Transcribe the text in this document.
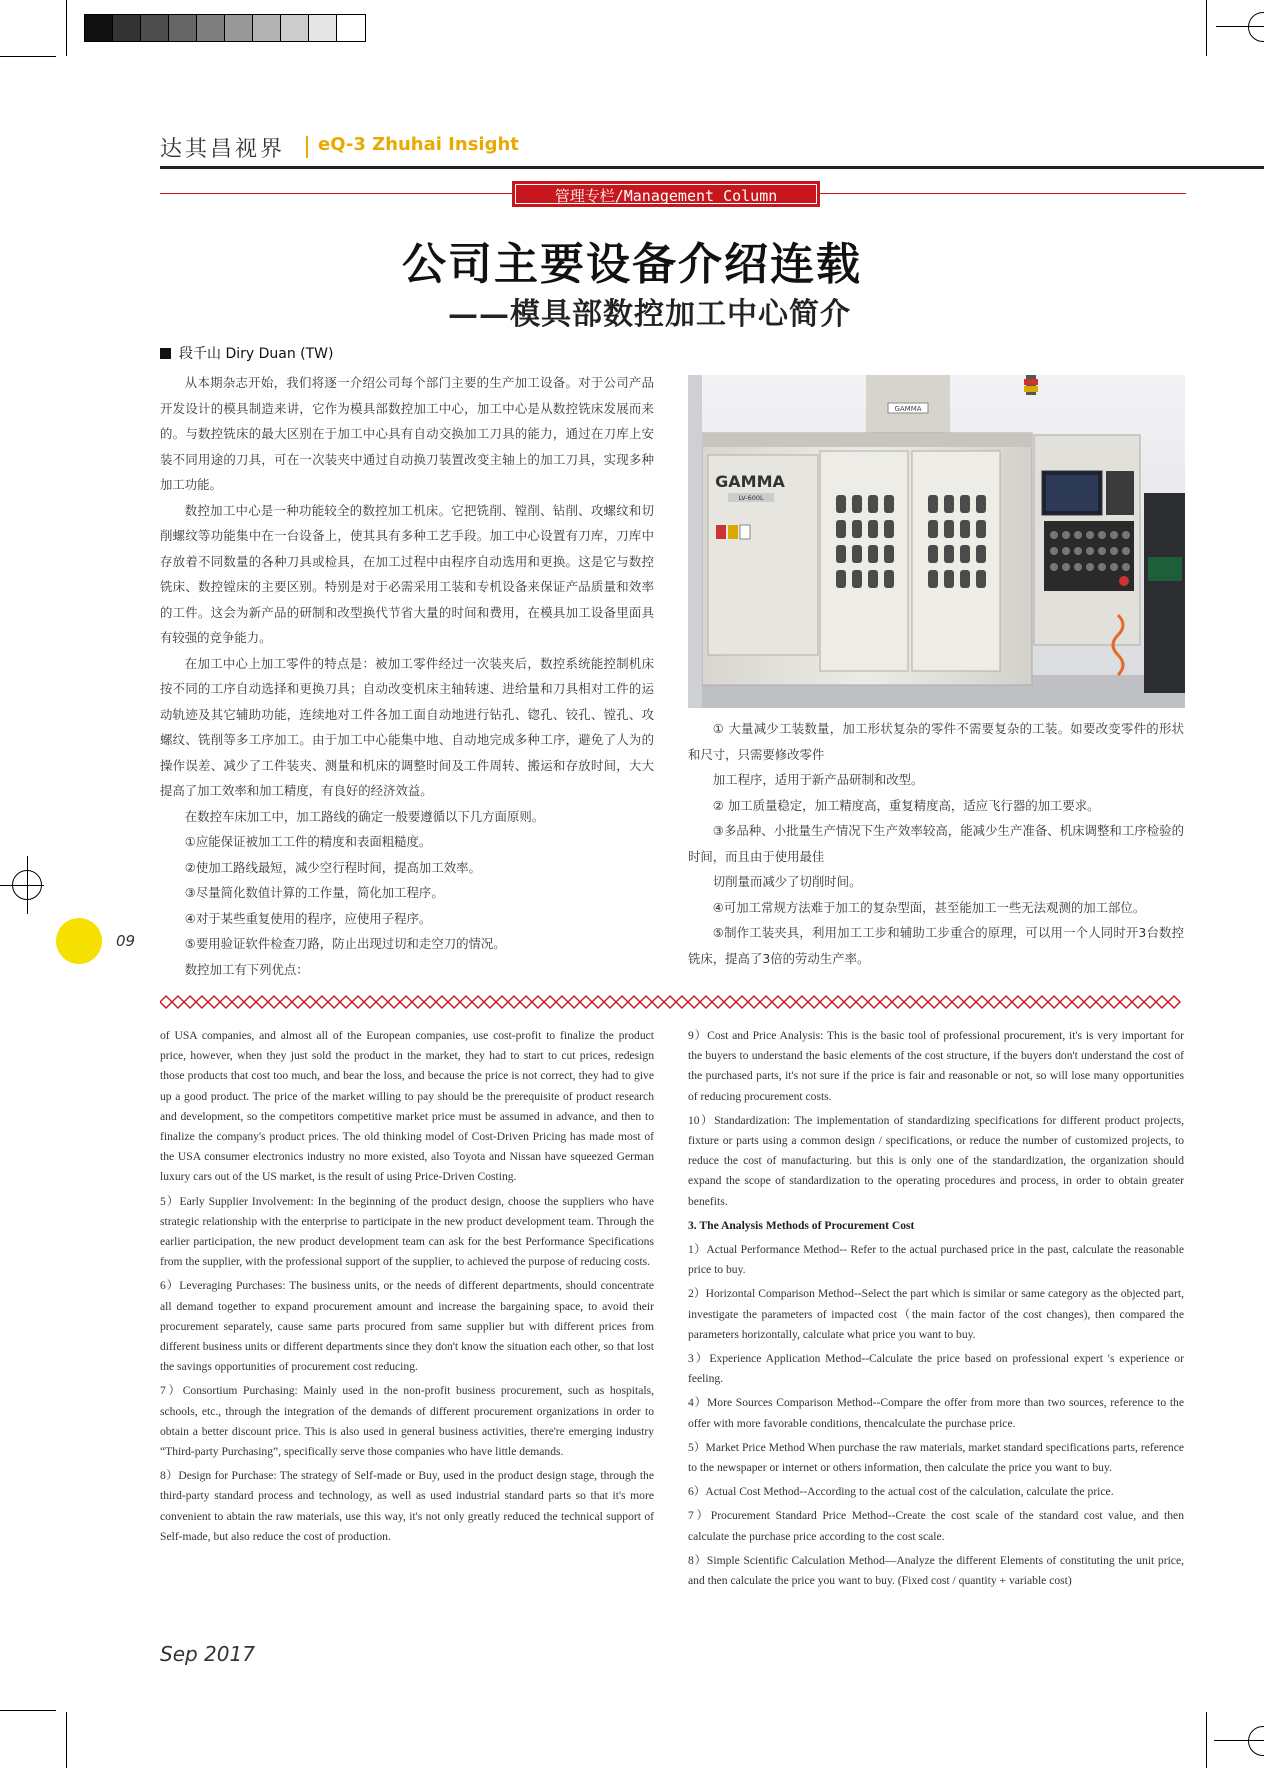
达其昌视界 eQ-3 Zhuhai Insight
管理专栏/Management Column
公司主要设备介绍连载
——模具部数控加工中心简介
段千山 Diry Duan (TW)

从本期杂志开始，我们将逐一介绍公司每个部门主要的生产加工设备。对于公司产品开发设计的模具制造来讲，它作为模具部数控加工中心，加工中心是从数控铣床发展而来的。与数控铣床的最大区别在于加工中心具有自动交换加工刀具的能力，通过在刀库上安装不同用途的刀具，可在一次装夹中通过自动换刀装置改变主轴上的加工刀具，实现多种加工功能。

数控加工中心是一种功能较全的数控加工机床。它把铣削、镗削、钻削、攻螺纹和切削螺纹等功能集中在一台设备上，使其具有多种工艺手段。加工中心设置有刀库，刀库中存放着不同数量的各种刀具或检具，在加工过程中由程序自动选用和更换。这是它与数控铣床、数控镗床的主要区别。特别是对于必需采用工装和专机设备来保证产品质量和效率的工件。这会为新产品的研制和改型换代节省大量的时间和费用，在模具加工设备里面具有较强的竞争能力。

在加工中心上加工零件的特点是：被加工零件经过一次装夹后，数控系统能控制机床按不同的工序自动选择和更换刀具；自动改变机床主轴转速、进给量和刀具相对工件的运动轨迹及其它辅助功能，连续地对工件各加工面自动地进行钻孔、锪孔、铰孔、镗孔、攻螺纹、铣削等多工序加工。由于加工中心能集中地、自动地完成多种工序，避免了人为的操作误差、减少了工件装夹、测量和机床的调整时间及工件周转、搬运和存放时间，大大提高了加工效率和加工精度，有良好的经济效益。

在数控车床加工中，加工路线的确定一般要遵循以下几方面原则。

①应能保证被加工工件的精度和表面粗糙度。

②使加工路线最短，减少空行程时间，提高加工效率。

③尽量简化数值计算的工作量，简化加工程序。

④对于某些重复使用的程序，应使用子程序。

⑤要用验证软件检查刀路，防止出现过切和走空刀的情况。

数控加工有下列优点：

GAMMA
GAMMA
LV-600L

① 大量减少工装数量，加工形状复杂的零件不需要复杂的工装。如要改变零件的形状和尺寸，只需要修改零件

加工程序，适用于新产品研制和改型。

② 加工质量稳定，加工精度高，重复精度高，适应飞行器的加工要求。

③多品种、小批量生产情况下生产效率较高，能减少生产准备、机床调整和工序检验的时间，而且由于使用最佳

切削量而减少了切削时间。

④可加工常规方法难于加工的复杂型面，甚至能加工一些无法观测的加工部位。

⑤制作工装夹具，利用加工工步和辅助工步重合的原理，可以用一个人同时开3台数控铣床，提高了3倍的劳动生产率。

of USA companies, and almost all of the European companies, use cost-profit to finalize the product price, however, when they just sold the product in the market, they had to start to cut prices, redesign those products that cost too much, and bear the loss, and because the price is not correct, they had to give up a good product. The price of the market willing to pay should be the prerequisite of product research and development, so the competitors competitive market price must be assumed in advance, and then to finalize the company's product prices. The old thinking model of Cost-Driven Pricing has made most of the USA consumer electronics industry no more existed, also Toyota and Nissan have squeezed German luxury cars out of the US market, is the result of using Price-Driven Costing.

5）Early Supplier Involvement: In the beginning of the product design, choose the suppliers who have strategic relationship with the enterprise to participate in the new product development team. Through the earlier participation, the new product development team can ask for the best Performance Specifications from the supplier, with the professional support of the supplier, to achieved the purpose of reducing costs.

6）Leveraging Purchases: The business units, or the needs of different departments, should concentrate all demand together to expand procurement amount and increase the bargaining space, to avoid their procurement separately, cause same parts procured from same supplier but with different prices from different business units or different departments since they don't know the situation each other, so that lost the savings opportunities of procurement cost reducing.

7）Consortium Purchasing: Mainly used in the non-profit business procurement, such as hospitals, schools, etc., through the integration of the demands of different procurement organizations in order to obtain a better discount price. This is also used in general business activities, there're emerging industry “Third-party Purchasing”, specifically serve those companies who have little demands.

8）Design for Purchase: The strategy of Self-made or Buy, used in the product design stage, through the third-party standard process and technology, as well as used industrial standard parts so that it's more convenient to abtain the raw materials, use this way, it's not only greatly reduced the technical support of Self-made, but also reduce the cost of production.

9）Cost and Price Analysis: This is the basic tool of professional procurement, it's is very important for the buyers to understand the basic elements of the cost structure, if the buyers don't understand the cost of the purchased parts, it's not sure if the price is fair and reasonable or not, so will lose many opportunities of reducing procurement costs.

10）Standardization: The implementation of standardizing specifications for different product projects, fixture or parts using a common design / specifications, or reduce the number of customized projects, to reduce the cost of manufacturing. but this is only one of the standardization, the organization should expand the scope of standardization to the operating procedures and process, in order to obtain greater benefits.

3. The Analysis Methods of Procurement Cost

1）Actual Performance Method-- Refer to the actual purchased price in the past, calculate the reasonable price to buy.

2）Horizontal Comparison Method--Select the part which is similar or same category as the objected part, investigate the parameters of impacted cost（the main factor of the cost changes), then compared the parameters horizontally, calculate what price you want to buy.

3）Experience Application Method--Calculate the price based on professional expert 's experience or feeling.

4）More Sources Comparison Method--Compare the offer from more than two sources, reference to the offer with more favorable conditions, thencalculate the purchase price.

5）Market Price Method When purchase the raw materials, market standard specifications parts, reference to the newspaper or internet or others information, then calculate the price you want to buy.

6）Actual Cost Method--According to the actual cost of the calculation, calculate the price.

7）Procurement Standard Price Method--Create the cost scale of the standard cost value, and then calculate the purchase price according to the cost scale.

8）Simple Scientific Calculation Method—Analyze the different Elements of constituting the unit price, and then calculate the price you want to buy. (Fixed cost / quantity + variable cost)

09
Sep 2017
